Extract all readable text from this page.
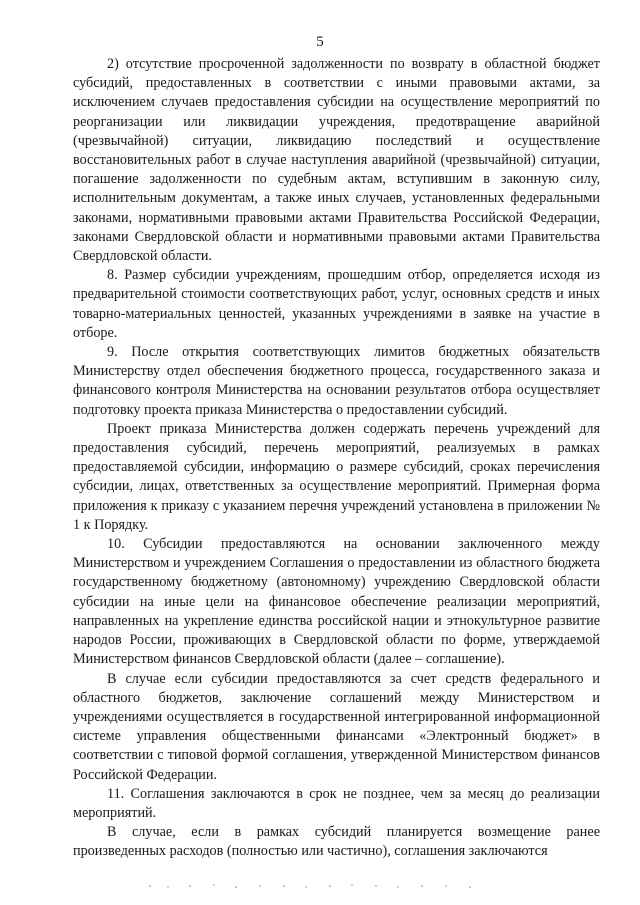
5

2) отсутствие просроченной задолженности по возврату в областной бюджет субсидий, предоставленных в соответствии с иными правовыми актами, за исключением случаев предоставления субсидии на осуществление мероприятий по реорганизации или ликвидации учреждения, предотвращение аварийной (чрезвычайной) ситуации, ликвидацию последствий и осуществление восстановительных работ в случае наступления аварийной (чрезвычайной) ситуации, погашение задолженности по судебным актам, вступившим в законную силу, исполнительным документам, а также иных случаев, установленных федеральными законами, нормативными правовыми актами Правительства Российской Федерации, законами Свердловской области и нормативными правовыми актами Правительства Свердловской области.

8. Размер субсидии учреждениям, прошедшим отбор, определяется исходя из предварительной стоимости соответствующих работ, услуг, основных средств и иных товарно-материальных ценностей, указанных учреждениями в заявке на участие в отборе.

9. После открытия соответствующих лимитов бюджетных обязательств Министерству отдел обеспечения бюджетного процесса, государственного заказа и финансового контроля Министерства на основании результатов отбора осуществляет подготовку проекта приказа Министерства о предоставлении субсидий.

Проект приказа Министерства должен содержать перечень учреждений для предоставления субсидий, перечень мероприятий, реализуемых в рамках предоставляемой субсидии, информацию о размере субсидий, сроках перечисления субсидии, лицах, ответственных за осуществление мероприятий. Примерная форма приложения к приказу с указанием перечня учреждений установлена в приложении № 1 к Порядку.

10. Субсидии предоставляются на основании заключенного между Министерством и учреждением Соглашения о предоставлении из областного бюджета государственному бюджетному (автономному) учреждению Свердловской области субсидии на иные цели на финансовое обеспечение реализации мероприятий, направленных на укрепление единства российской нации и этнокультурное развитие народов России, проживающих в Свердловской области по форме, утверждаемой Министерством финансов Свердловской области (далее – соглашение).

В случае если субсидии предоставляются за счет средств федерального и областного бюджетов, заключение соглашений между Министерством и учреждениями осуществляется в государственной интегрированной информационной системе управления общественными финансами «Электронный бюджет» в соответствии с типовой формой соглашения, утвержденной Министерством финансов Российской Федерации.

11. Соглашения заключаются в срок не позднее, чем за месяц до реализации мероприятий.

В случае, если в рамках субсидий планируется возмещение ранее произведенных расходов (полностью или частично), соглашения заключаются
